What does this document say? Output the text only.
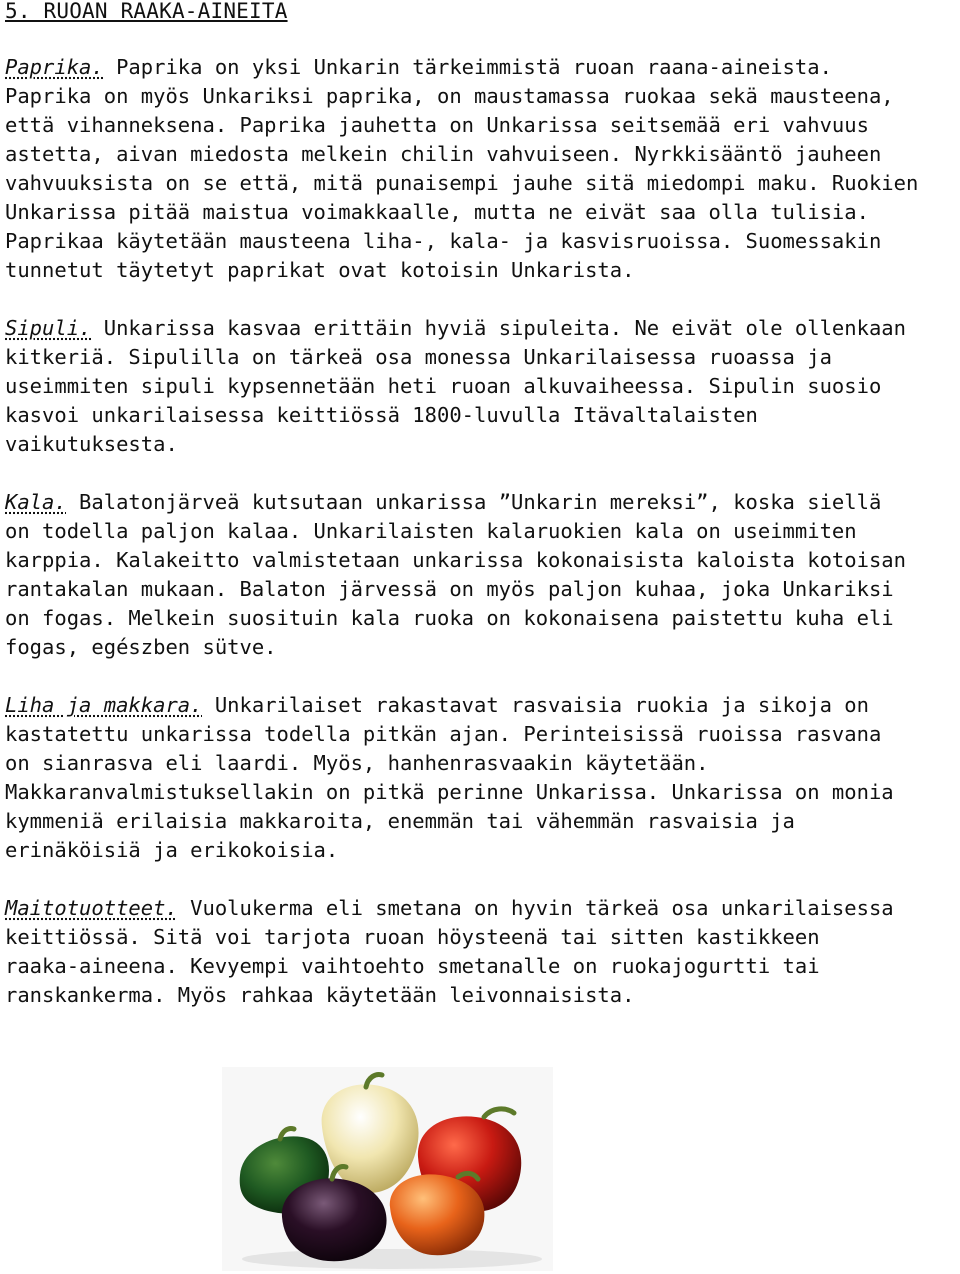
5. RUOAN RAAKA-AINEITA
Paprika. Paprika on yksi Unkarin tärkeimmistä ruoan raana-aineista.
Paprika on myös Unkariksi paprika, on maustamassa ruokaa sekä mausteena,
että vihanneksena. Paprika jauhetta on Unkarissa seitsemää eri vahvuus
astetta, aivan miedosta melkein chilin vahvuiseen. Nyrkkisääntö jauheen
vahvuuksista on se että, mitä punaisempi jauhe sitä miedompi maku. Ruokien
Unkarissa pitää maistua voimakkaalle, mutta ne eivät saa olla tulisia.
Paprikaa käytetään mausteena liha-, kala- ja kasvisruoissa. Suomessakin
tunnetut täytetyt paprikat ovat kotoisin Unkarista.
Sipuli. Unkarissa kasvaa erittäin hyviä sipuleita. Ne eivät ole ollenkaan
kitkeriä. Sipulilla on tärkeä osa monessa Unkarilaisessa ruoassa ja
useimmiten sipuli kypsennetään heti ruoan alkuvaiheessa. Sipulin suosio
kasvoi unkarilaisessa keittiössä 1800-luvulla Itävaltalaisten
vaikutuksesta.
Kala. Balatonjärveä kutsutaan unkarissa ”Unkarin mereksi”, koska siellä
on todella paljon kalaa. Unkarilaisten kalaruokien kala on useimmiten
karppia. Kalakeitto valmistetaan unkarissa kokonaisista kaloista kotoisan
rantakalan mukaan. Balaton järvessä on myös paljon kuhaa, joka Unkariksi
on fogas. Melkein suosituin kala ruoka on kokonaisena paistettu kuha eli
fogas, egészben sütve.
Liha ja makkara. Unkarilaiset rakastavat rasvaisia ruokia ja sikoja on
kastatettu unkarissa todella pitkän ajan. Perinteisissä ruoissa rasvana
on sianrasva eli laardi. Myös, hanhenrasvaakin käytetään.
Makkaranvalmistuksellakin on pitkä perinne Unkarissa. Unkarissa on monia
kymmeniä erilaisia makkaroita, enemmän tai vähemmän rasvaisia ja
erinäköisiä ja erikokoisia.
Maitotuotteet. Vuolukerma eli smetana on hyvin tärkeä osa unkarilaisessa
keittiössä. Sitä voi tarjota ruoan höysteenä tai sitten kastikkeen
raaka-aineena. Kevyempi vaihtoehto smetanalle on ruokajogurtti tai
ranskankerma. Myös rahkaa käytetään leivonnaisista.
